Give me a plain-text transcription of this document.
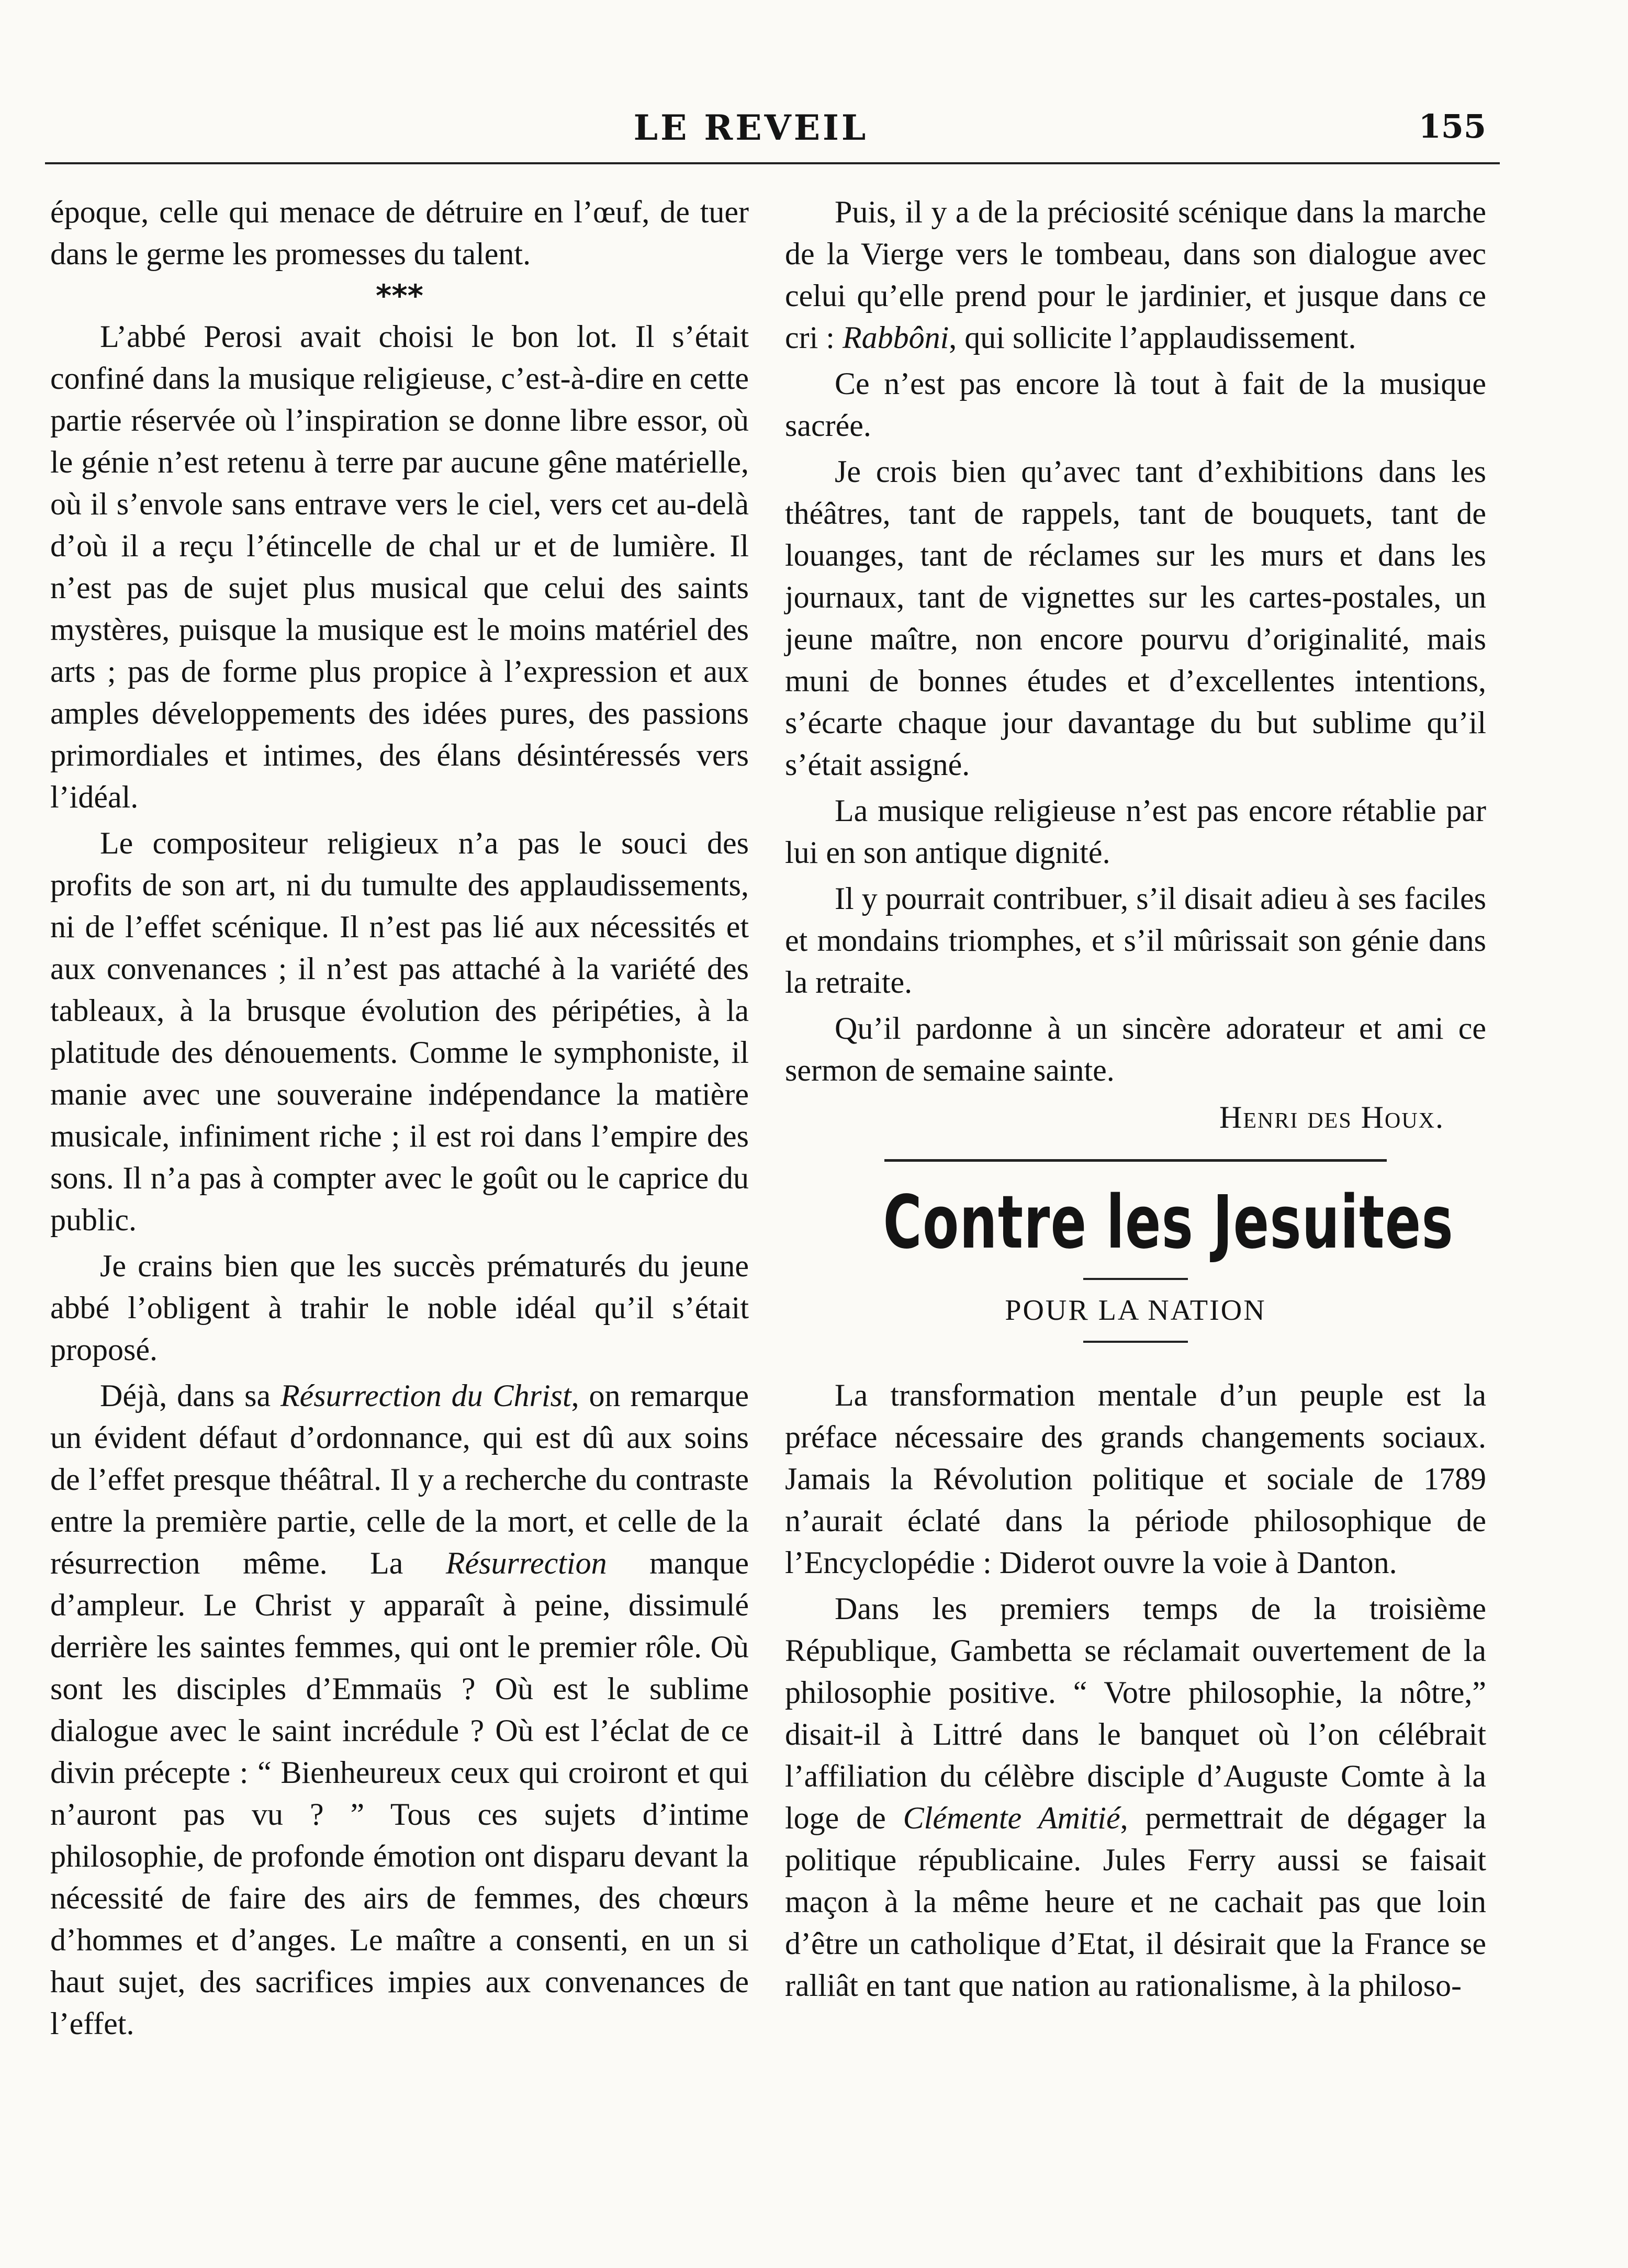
LE REVEIL	155

époque, celle qui menace de détruire en l’œuf, de tuer dans le germe les promesses du talent.

***

L’abbé Perosi avait choisi le bon lot. Il s’était confiné dans la musique religieuse, c’est-à-dire en cette partie réservée où l’inspiration se donne libre essor, où le génie n’est retenu à terre par aucune gêne matérielle, où il s’envole sans entrave vers le ciel, vers cet au-delà d’où il a reçu l’étincelle de chal ur et de lumière. Il n’est pas de sujet plus musical que celui des saints mystères, puisque la musique est le moins matériel des arts ; pas de forme plus propice à l’expression et aux amples développements des idées pures, des passions primordiales et intimes, des élans désintéressés vers l’idéal.

Le compositeur religieux n’a pas le souci des profits de son art, ni du tumulte des applaudissements, ni de l’effet scénique. Il n’est pas lié aux nécessités et aux convenances ; il n’est pas attaché à la variété des tableaux, à la brusque évolution des péripéties, à la platitude des dénouements. Comme le symphoniste, il manie avec une souveraine indépendance la matière musicale, infiniment riche ; il est roi dans l’empire des sons. Il n’a pas à compter avec le goût ou le caprice du public.

Je crains bien que les succès prématurés du jeune abbé l’obligent à trahir le noble idéal qu’il s’était proposé.

Déjà, dans sa Résurrection du Christ, on remarque un évident défaut d’ordonnance, qui est dû aux soins de l’effet presque théâtral. Il y a recherche du contraste entre la première partie, celle de la mort, et celle de la résurrection même. La Résurrection manque d’ampleur. Le Christ y apparaît à peine, dissimulé derrière les saintes femmes, qui ont le premier rôle. Où sont les disciples d’Emmaüs ? Où est le sublime dialogue avec le saint incrédule ? Où est l’éclat de ce divin précepte : “ Bienheureux ceux qui croiront et qui n’auront pas vu ? ” Tous ces sujets d’intime philosophie, de profonde émotion ont disparu devant la nécessité de faire des airs de femmes, des chœurs d’hommes et d’anges. Le maître a consenti, en un si haut sujet, des sacrifices impies aux convenances de l’effet.

Puis, il y a de la préciosité scénique dans la marche de la Vierge vers le tombeau, dans son dialogue avec celui qu’elle prend pour le jardinier, et jusque dans ce cri : Rabbôni, qui sollicite l’applaudissement.

Ce n’est pas encore là tout à fait de la musique sacrée.

Je crois bien qu’avec tant d’exhibitions dans les théâtres, tant de rappels, tant de bouquets, tant de louanges, tant de réclames sur les murs et dans les journaux, tant de vignettes sur les cartes-postales, un jeune maître, non encore pourvu d’originalité, mais muni de bonnes études et d’excellentes intentions, s’écarte chaque jour davantage du but sublime qu’il s’était assigné.

La musique religieuse n’est pas encore rétablie par lui en son antique dignité.

Il y pourrait contribuer, s’il disait adieu à ses faciles et mondains triomphes, et s’il mûrissait son génie dans la retraite.

Qu’il pardonne à un sincère adorateur et ami ce sermon de semaine sainte.

Henri des Houx.
Contre les Jesuites
POUR LA NATION

La transformation mentale d’un peuple est la préface nécessaire des grands changements sociaux. Jamais la Révolution politique et sociale de 1789 n’aurait éclaté dans la période philosophique de l’Encyclopédie : Diderot ouvre la voie à Danton.

Dans les premiers temps de la troisième République, Gambetta se réclamait ouvertement de la philosophie positive. “ Votre philosophie, la nôtre,” disait-il à Littré dans le banquet où l’on célébrait l’affiliation du célèbre disciple d’Auguste Comte à la loge de Clémente Amitié, permettrait de dégager la politique républicaine. Jules Ferry aussi se faisait maçon à la même heure et ne cachait pas que loin d’être un catholique d’Etat, il désirait que la France se ralliât en tant que nation au rationalisme, à la philoso-
